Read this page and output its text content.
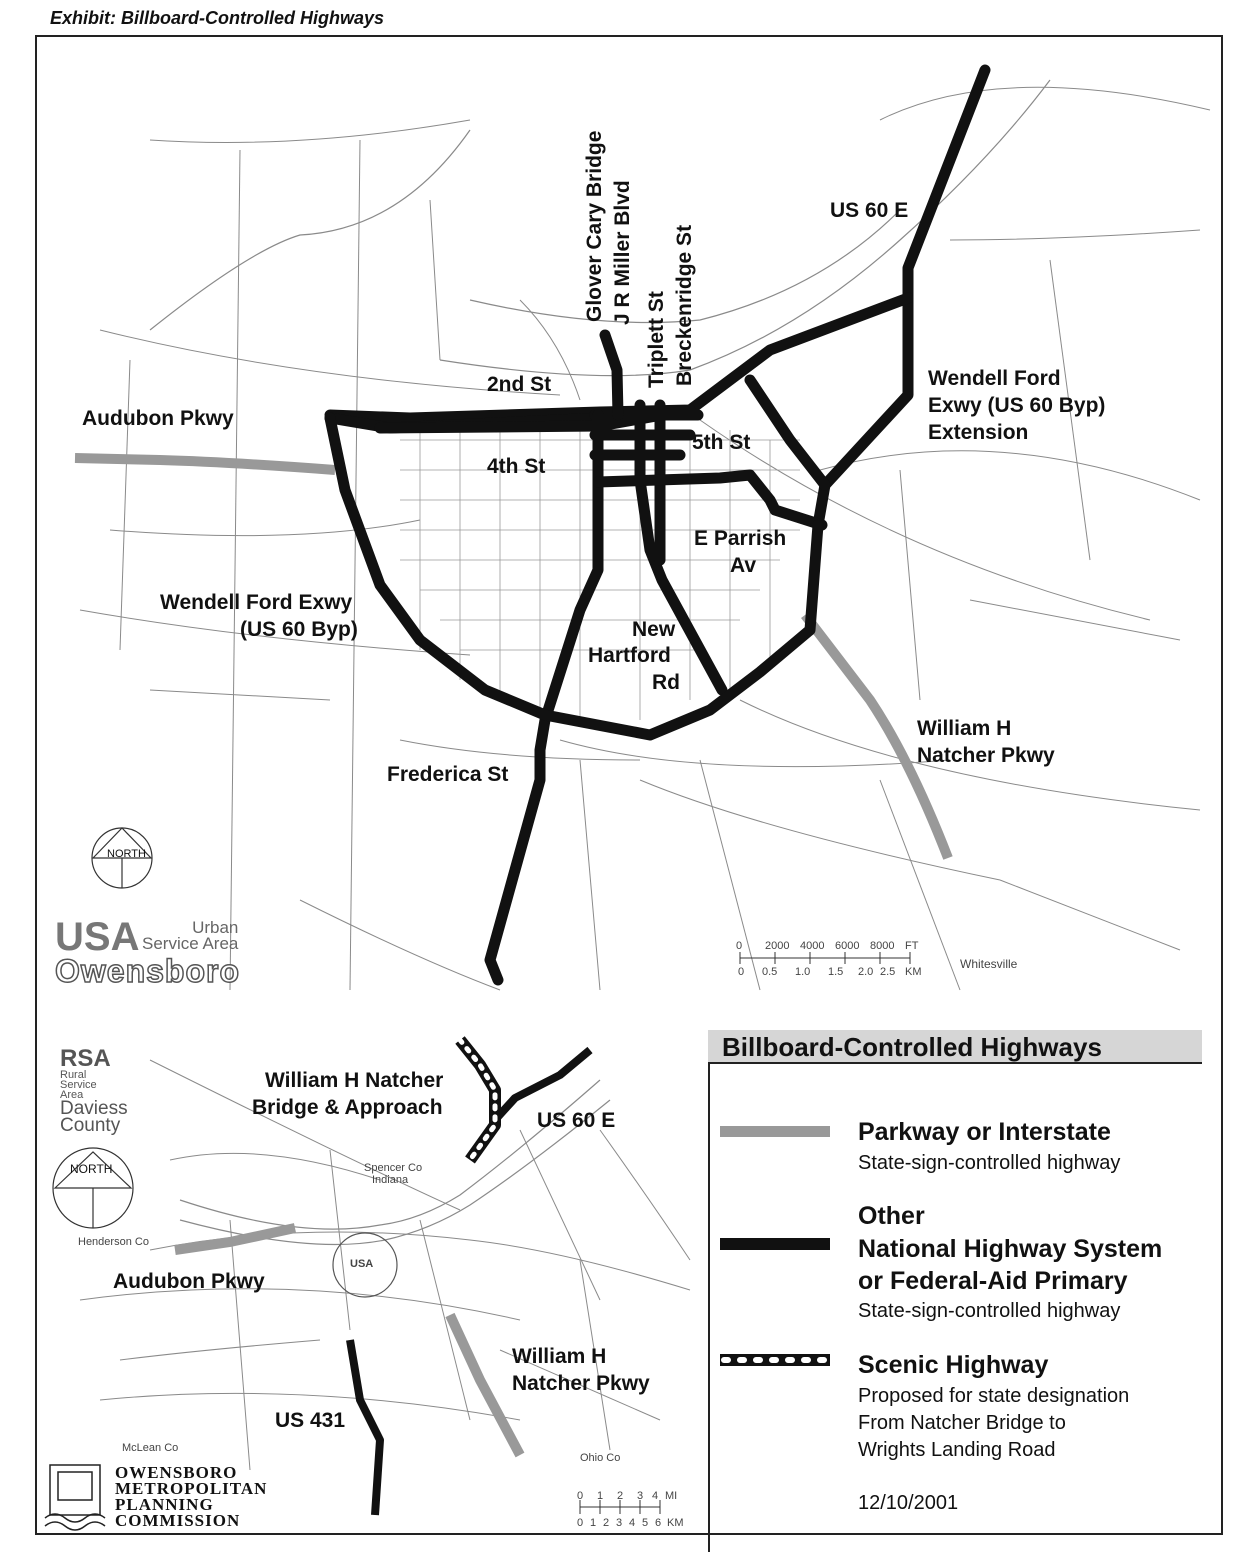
Exhibit: Billboard-Controlled Highways
US 60 E
Glover Cary Bridge J R Miller Blvd
Triplett St Breckenridge St
2nd St
Audubon Pkwy
4th St
5th St
Wendell Ford
Exwy (US 60 Byp)
Extension
E Parrish
Av
Wendell Ford Exwy
(US 60 Byp)	New
Hartford
Rd
William H
Natcher Pkwy
Frederica St
NORTH
USA	Urban
Service Area
Owensboro
0 2000 4000 6000 8000 FT
0 0.5 1.0 1.5 2.0 2.5 KM
Whitesville
RSA
Rural
Service
Area
Daviess
County
NORTH
William H Natcher
Bridge & Approach
US 60 E
Audubon Pkwy
William H
Natcher Pkwy
US 431
Spencer Co
Indiana
Henderson Co
McLean Co
Ohio Co
USA
0 1 2 3 4 MI
0 1 2 3 4 5 6 KM
OWENSBORO
METROPOLITAN
PLANNING
COMMISSION
Billboard-Controlled Highways
Parkway or Interstate
State-sign-controlled highway
Other
National Highway System
or Federal-Aid Primary
State-sign-controlled highway
Scenic Highway
Proposed for state designation
From Natcher Bridge to
Wrights Landing Road
12/10/2001
